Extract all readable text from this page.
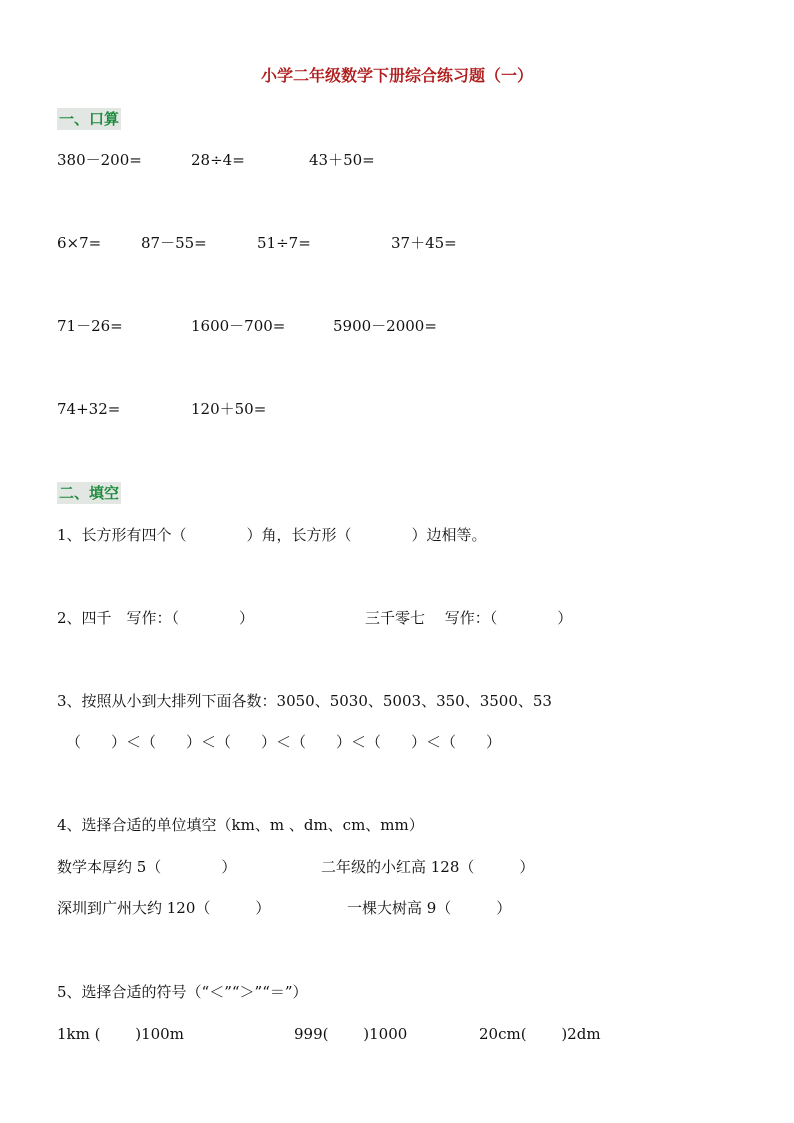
小学二年级数学下册综合练习题（一）
一、口算
380－200=	28÷4=	43＋50=
6×7=	87－55=	51÷7=	37＋45=
71－26=	1600－700=	5900－2000=
74+32=	120＋50=
二、填空
1、长方形有四个（　　　　）角，长方形（　　　　）边相等。
2、四千　写作：（　　　　）	三千零七　 写作：（　　　　）
3、按照从小到大排列下面各数：3050、5030、5003、350、3500、53
（　　）＜（　　）＜（　　）＜（　　）＜（　　）＜（　　）
4、选择合适的单位填空（km、m 、dm、cm、mm）
数学本厚约 5（　　　　）	二年级的小红高 128（　　　）
深圳到广州大约 120（　　　）	一棵大树高 9（　　　）
5、选择合适的符号（“＜”“＞”“＝”）
1km (　　 )100m	999(　　 )1000	20cm(　　 )2dm
